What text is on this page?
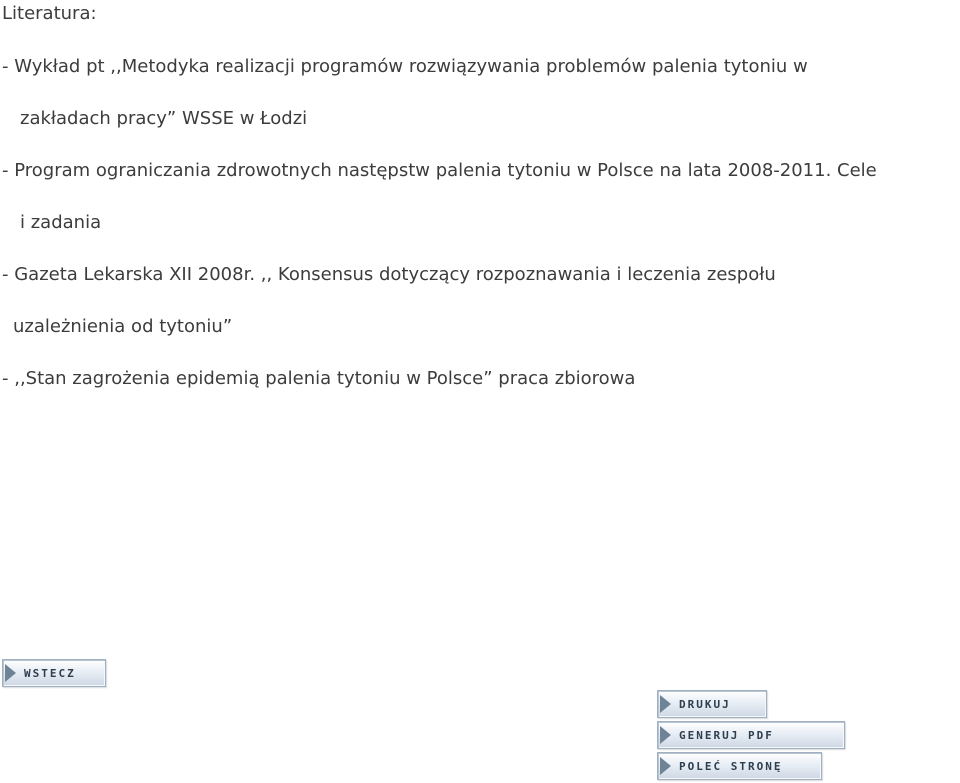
Literatura:
- Wykład pt ,,Metodyka realizacji programów rozwiązywania problemów palenia tytoniu w
zakładach pracy” WSSE w Łodzi
- Program ograniczania zdrowotnych następstw palenia tytoniu w Polsce na lata 2008-2011. Cele
i zadania
- Gazeta Lekarska XII 2008r. ,, Konsensus dotyczący rozpoznawania i leczenia zespołu
uzależnienia od tytoniu”
- ,,Stan zagrożenia epidemią palenia tytoniu w Polsce” praca zbiorowa
WSTECZ
DRUKUJ
GENERUJ PDF
POLEĆ STRONĘ
